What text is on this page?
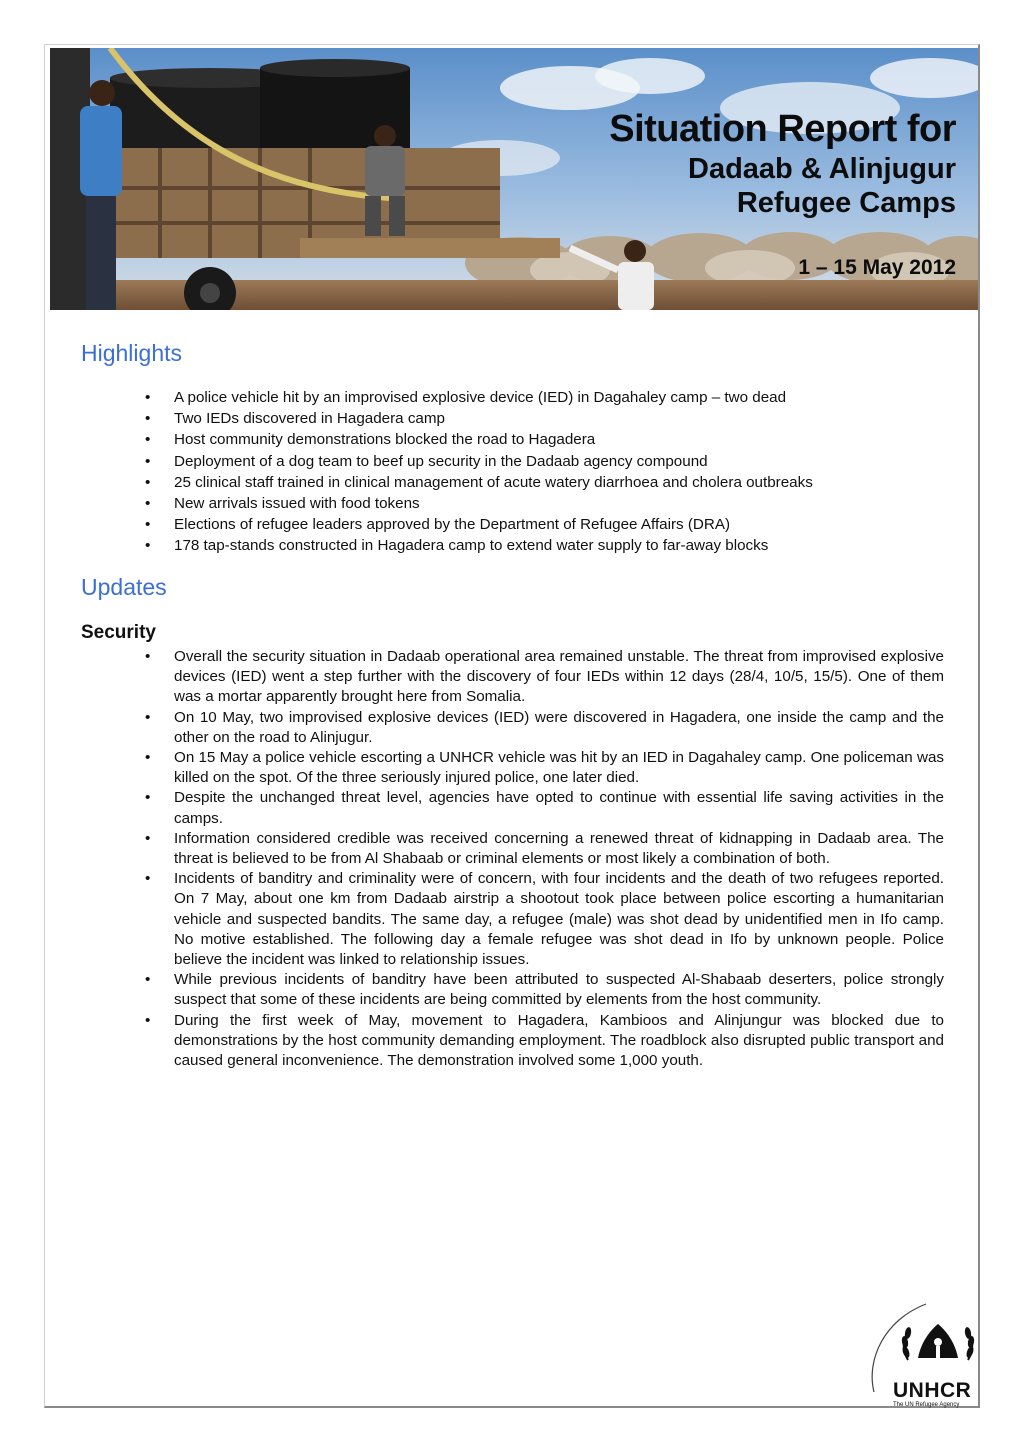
Situation Report for
Dadaab & Alinjugur
Refugee Camps
1 – 15 May 2012
Highlights
• A police vehicle hit by an improvised explosive device (IED) in Dagahaley camp – two dead
• Two IEDs discovered in Hagadera camp
• Host community demonstrations blocked the road to Hagadera
• Deployment of a dog team to beef up security in the Dadaab agency compound
• 25 clinical staff trained in clinical management of acute watery diarrhoea and cholera outbreaks
• New arrivals issued with food tokens
• Elections of refugee leaders approved by the Department of Refugee Affairs (DRA)
• 178 tap-stands constructed in Hagadera camp to extend water supply to far-away blocks
Updates
Security
• Overall the security situation in Dadaab operational area remained unstable. The threat from improvised explosive devices (IED) went a step further with the discovery of four IEDs within 12 days (28/4, 10/5, 15/5). One of them was a mortar apparently brought here from Somalia.
• On 10 May, two improvised explosive devices (IED) were discovered in Hagadera, one inside the camp and the other on the road to Alinjugur.
• On 15 May a police vehicle escorting a UNHCR vehicle was hit by an IED in Dagahaley camp. One policeman was killed on the spot. Of the three seriously injured police, one later died.
• Despite the unchanged threat level, agencies have opted to continue with essential life saving activities in the camps.
• Information considered credible was received concerning a renewed threat of kidnapping in Dadaab area. The threat is believed to be from Al Shabaab or criminal elements or most likely a combination of both.
• Incidents of banditry and criminality were of concern, with four incidents and the death of two refugees reported. On 7 May, about one km from Dadaab airstrip a shootout took place between police escorting a humanitarian vehicle and suspected bandits. The same day, a refugee (male) was shot dead by unidentified men in Ifo camp. No motive established. The following day a female refugee was shot dead in Ifo by unknown people. Police believe the incident was linked to relationship issues.
• While previous incidents of banditry have been attributed to suspected Al-Shabaab deserters, police strongly suspect that some of these incidents are being committed by elements from the host community.
• During the first week of May, movement to Hagadera, Kambioos and Alinjungur was blocked due to demonstrations by the host community demanding employment. The roadblock also disrupted public transport and caused general inconvenience. The demonstration involved some 1,000 youth.
UNHCR
The UN Refugee Agency
